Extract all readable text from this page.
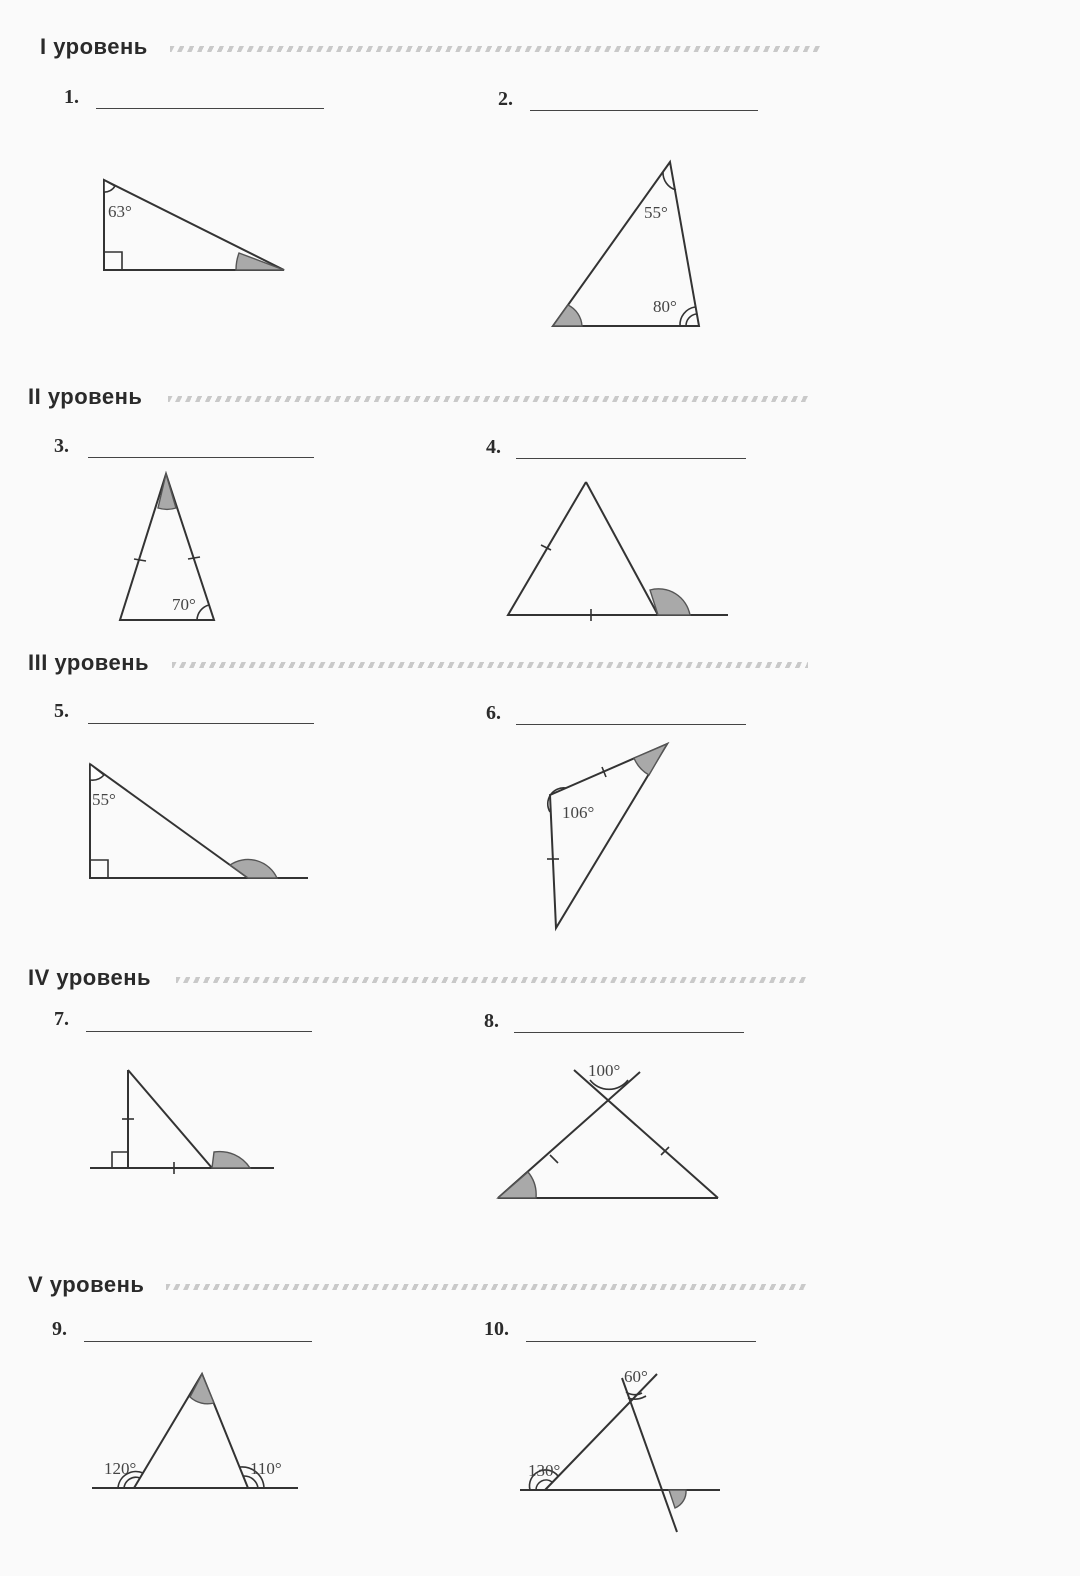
I уровень
II уровень
III уровень
IV уровень
V уровень
1.	2.
3.	4.
5.	6.
7.	8.
9.	10.
63°	55°
80°
70°
55°
106°
100°
120°	110°
60°
130°
